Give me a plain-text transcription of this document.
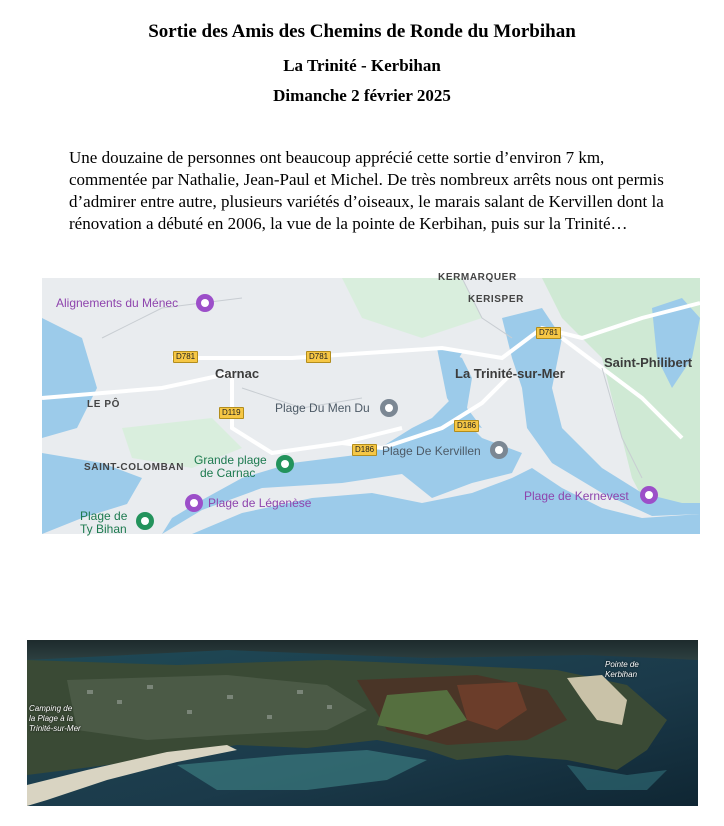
Sortie des Amis des Chemins de Ronde du Morbihan
La Trinité - Kerbihan
Dimanche 2 février 2025

Une douzaine de personnes ont beaucoup apprécié cette sortie d’environ 7 km, commentée par Nathalie, Jean-Paul et Michel. De très nombreux arrêts nous ont permis d’admirer entre autre, plusieurs variétés d’oiseaux, le marais salant de Kervillen dont la rénovation a débuté en 2006, la vue de la pointe de Kerbihan, puis sur la Trinité…

Alignements du Ménec
KERMARQUER
KERISPER
D781
D781	D781
D119
D186
D186
Carnac	La Trinité-sur-Mer
Saint-Philibert
LE PÔ
SAINT-COLOMBAN
Plage Du Men Du
Plage De Kervillen
Grande plage
de Carnac
Plage de Légenèse
Plage de
Ty Bihan
Plage de Kernevest
Pointe de
Kerbihan
Camping de
la Plage à la
Trinité-sur-Mer
